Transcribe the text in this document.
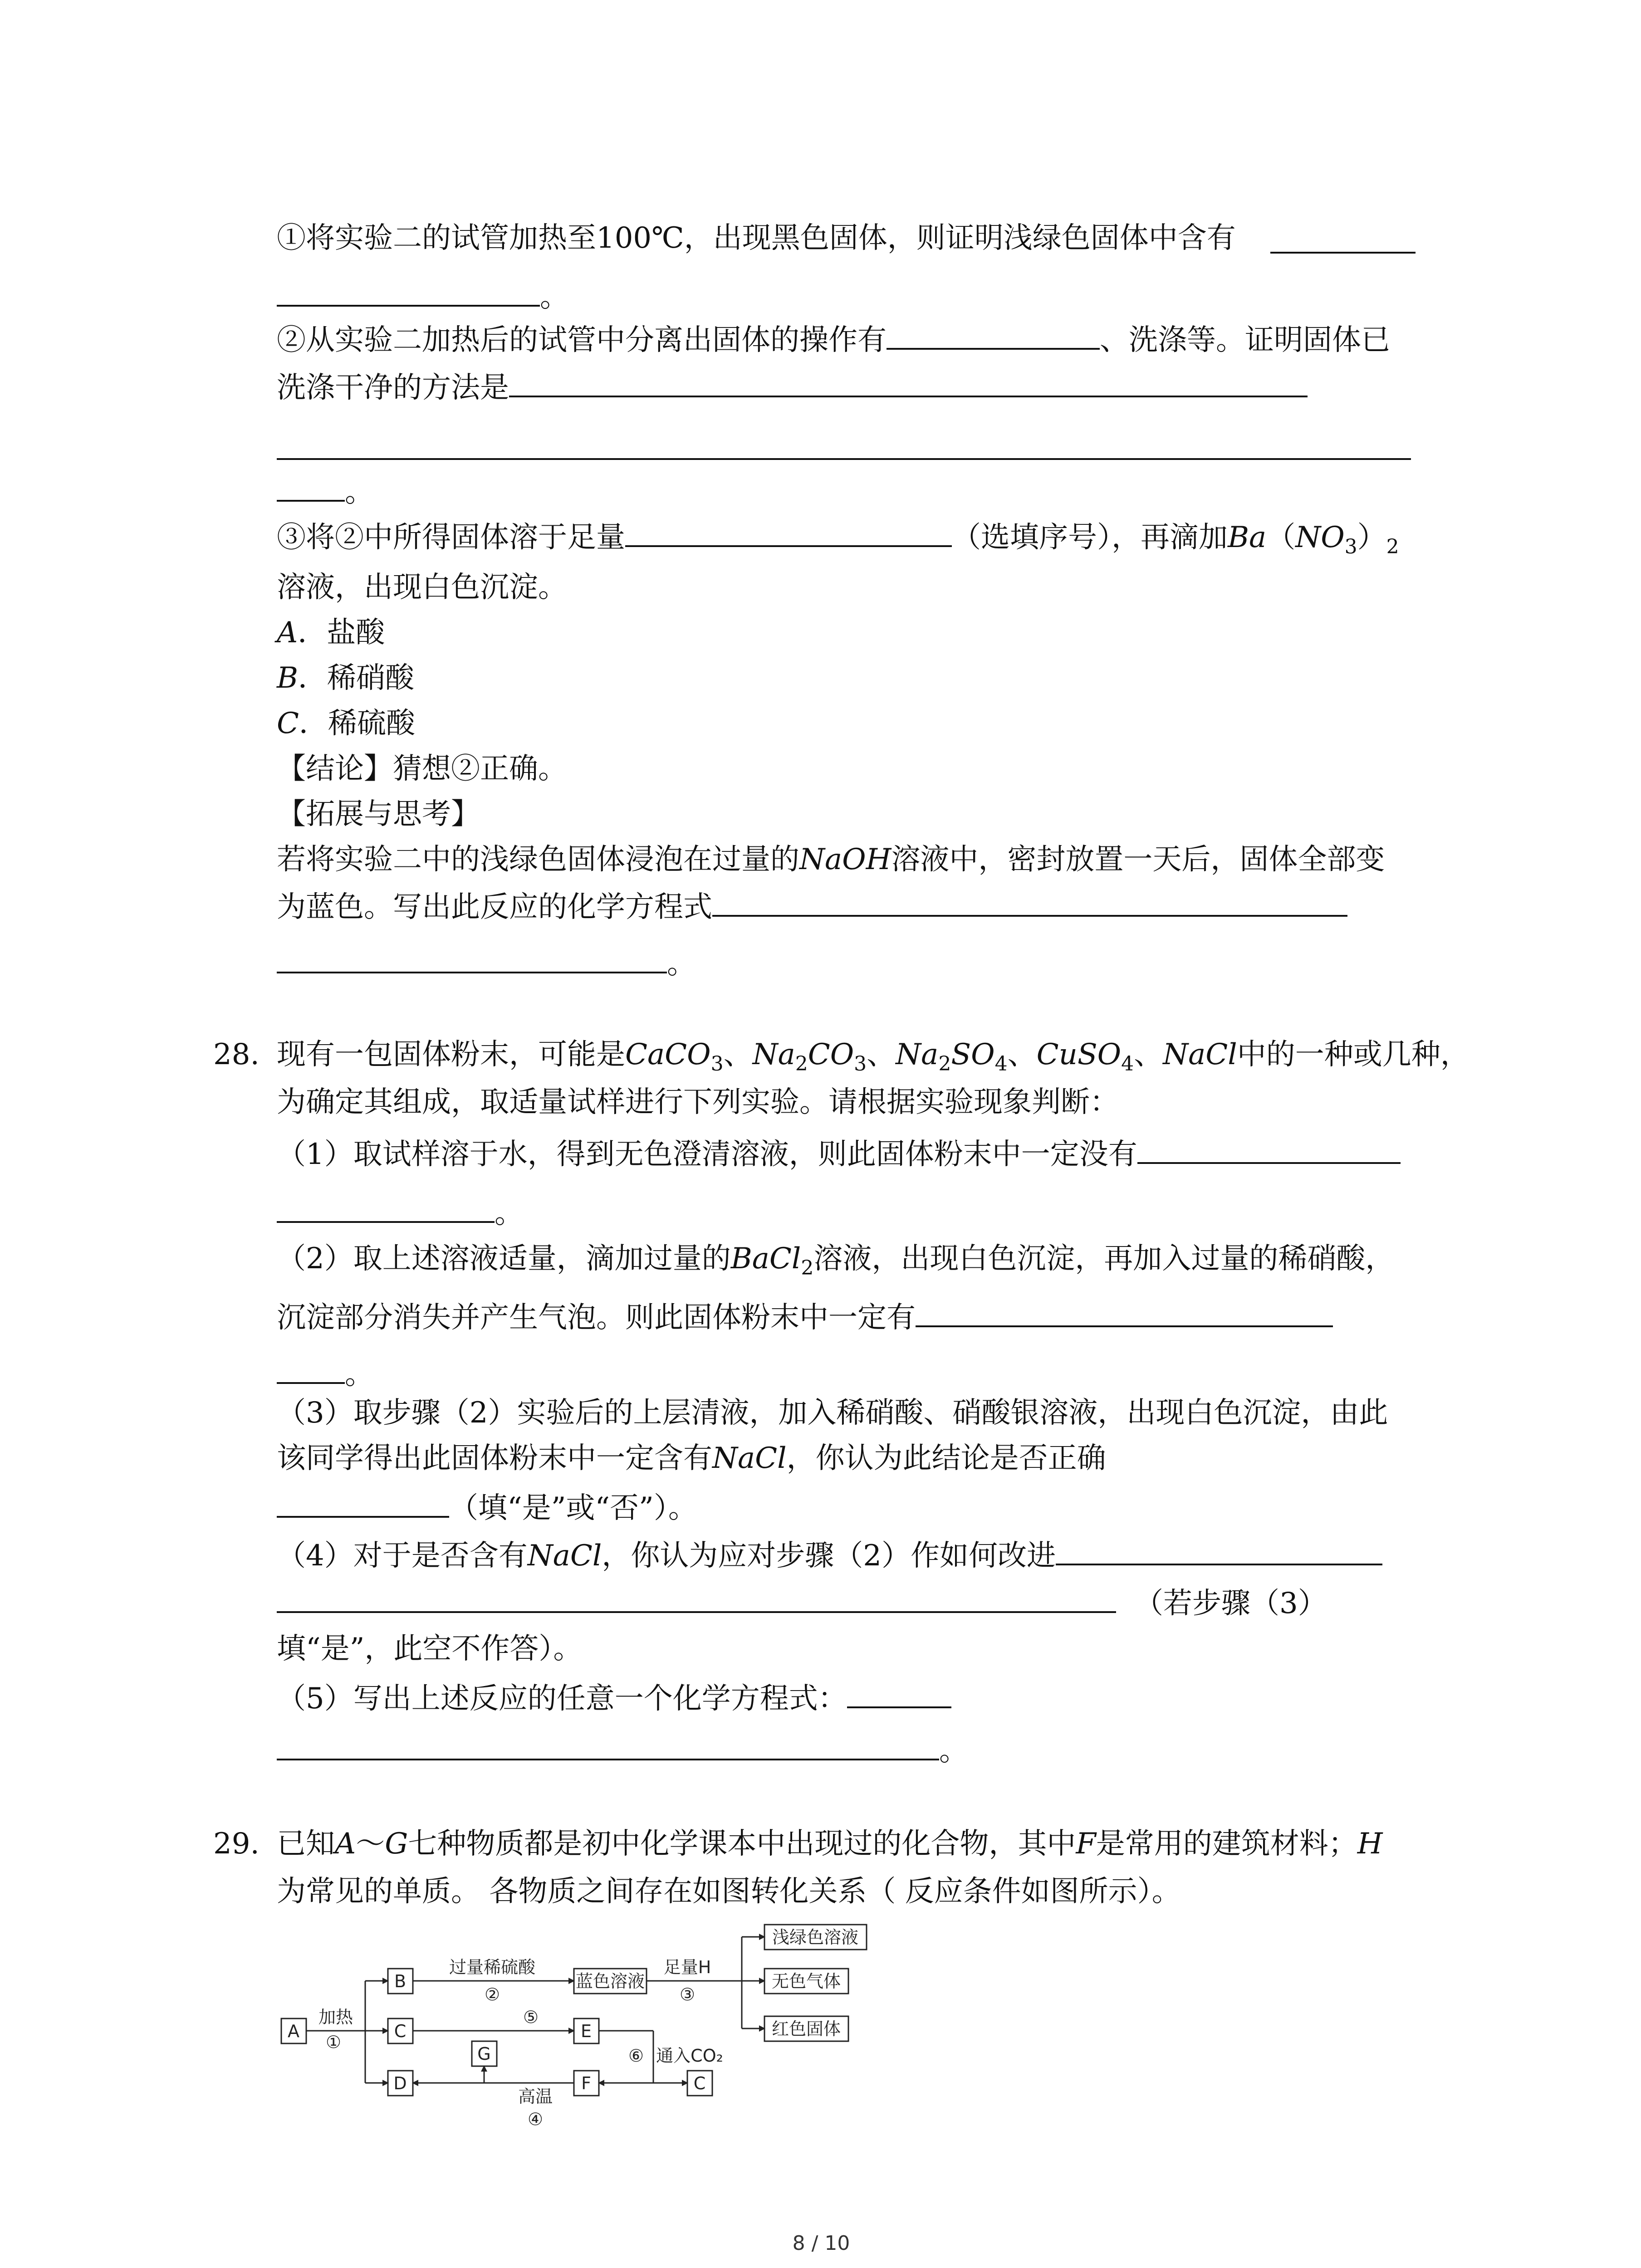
①将实验二的试管加热至100℃，出现黑色固体，则证明浅绿色固体中含有
。
②从实验二加热后的试管中分离出固体的操作有	、洗涤等。证明固体已
洗涤干净的方法是
。
③将②中所得固体溶于足量	（选填序号），再滴加$Ba(NO_3)_2$
溶液，出现白色沉淀。
A．盐酸
B．稀硝酸
C．稀硫酸
【结论】猜想②正确。
【拓展与思考】
若将实验二中的浅绿色固体浸泡在过量的NaOH溶液中，密封放置一天后，固体全部变
为蓝色。写出此反应的化学方程式
。
28. 现有一包固体粉末，可能是CaCO$_3$、$Na_2CO_3$、$Na_2SO_4$、CuSO$_4$、NaCl中的一种或几种，
为确定其组成，取适量试样进行下列实验。请根据实验现象判断：
（1）取试样溶于水，得到无色澄清溶液，则此固体粉末中一定没有
。
（2）取上述溶液适量，滴加过量的BaCl$_2$溶液，出现白色沉淀，再加入过量的稀硝酸，
沉淀部分消失并产生气泡。则此固体粉末中一定有
。
（3）取步骤（2）实验后的上层清液，加入稀硝酸、硝酸银溶液，出现白色沉淀，由此
该同学得出此固体粉末中一定含有NaCl，你认为此结论是否正确
（填“是”或“否”）。
（4）对于是否含有NaCl，你认为应对步骤（2）作如何改进
（若步骤（3）
填“是”，此空不作答）。
（5）写出上述反应的任意一个化学方程式：
。
29. 已知A～G七种物质都是初中化学课本中出现过的化合物，其中F是常用的建筑材料；H
为常见的单质。 各物质之间存在如图转化关系（ 反应条件如图所示）。
A
B
C
D
E
G
F	C
蓝色溶液
浅绿色溶液
无色气体
红色固体
加热
①
过量稀硫酸
②
足量H
③
⑤
高温
④
⑥ 通入CO₂
8 / 10
